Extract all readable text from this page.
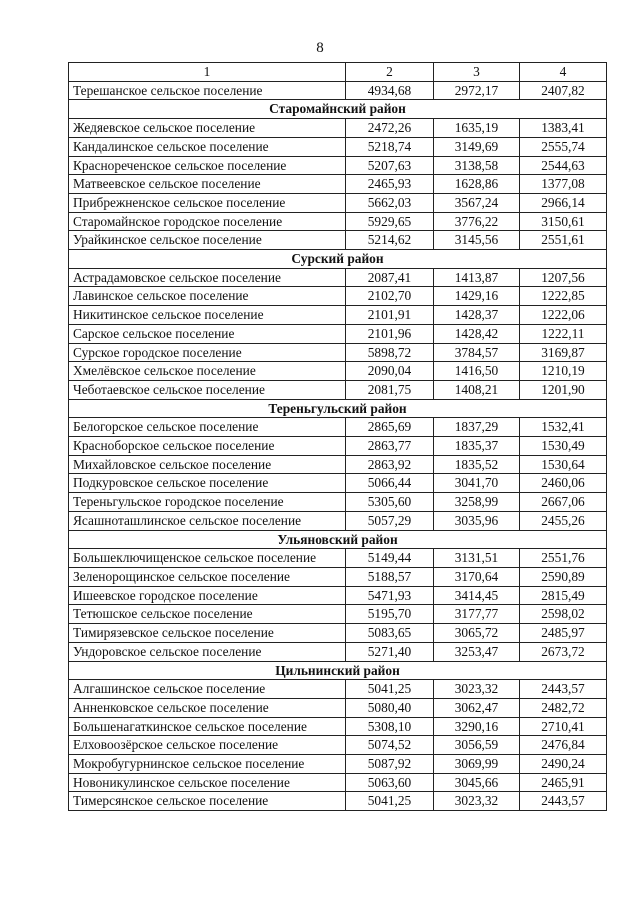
8
1	2	3	4
Терешанское сельское поселение	4934,68	2972,17	2407,82
Старомайнский район			
Жедяевское сельское поселение	2472,26	1635,19	1383,41
Кандалинское сельское поселение	5218,74	3149,69	2555,74
Краснореченское сельское поселение	5207,63	3138,58	2544,63
Матвеевское сельское поселение	2465,93	1628,86	1377,08
Прибрежненское сельское поселение	5662,03	3567,24	2966,14
Старомайнское городское поселение	5929,65	3776,22	3150,61
Урайкинское сельское поселение	5214,62	3145,56	2551,61
Сурский район			
Астрадамовское сельское поселение	2087,41	1413,87	1207,56
Лавинское сельское поселение	2102,70	1429,16	1222,85
Никитинское сельское поселение	2101,91	1428,37	1222,06
Сарское сельское поселение	2101,96	1428,42	1222,11
Сурское городское поселение	5898,72	3784,57	3169,87
Хмелёвское сельское поселение	2090,04	1416,50	1210,19
Чеботаевское сельское поселение	2081,75	1408,21	1201,90
Тереньгульский район			
Белогорское сельское поселение	2865,69	1837,29	1532,41
Красноборское сельское поселение	2863,77	1835,37	1530,49
Михайловское сельское поселение	2863,92	1835,52	1530,64
Подкуровское сельское поселение	5066,44	3041,70	2460,06
Тереньгульское городское поселение	5305,60	3258,99	2667,06
Ясашноташлинское сельское поселение	5057,29	3035,96	2455,26
Ульяновский район			
Большеключищенское сельское поселение	5149,44	3131,51	2551,76
Зеленорощинское сельское поселение	5188,57	3170,64	2590,89
Ишеевское городское поселение	5471,93	3414,45	2815,49
Тетюшское сельское поселение	5195,70	3177,77	2598,02
Тимирязевское сельское поселение	5083,65	3065,72	2485,97
Ундоровское сельское поселение	5271,40	3253,47	2673,72
Цильнинский район			
Алгашинское сельское поселение	5041,25	3023,32	2443,57
Анненковское сельское поселение	5080,40	3062,47	2482,72
Большенагаткинское сельское поселение	5308,10	3290,16	2710,41
Елховоозёрское сельское поселение	5074,52	3056,59	2476,84
Мокробугурнинское сельское поселение	5087,92	3069,99	2490,24
Новоникулинское сельское поселение	5063,60	3045,66	2465,91
Тимерсянское сельское поселение	5041,25	3023,32	2443,57
